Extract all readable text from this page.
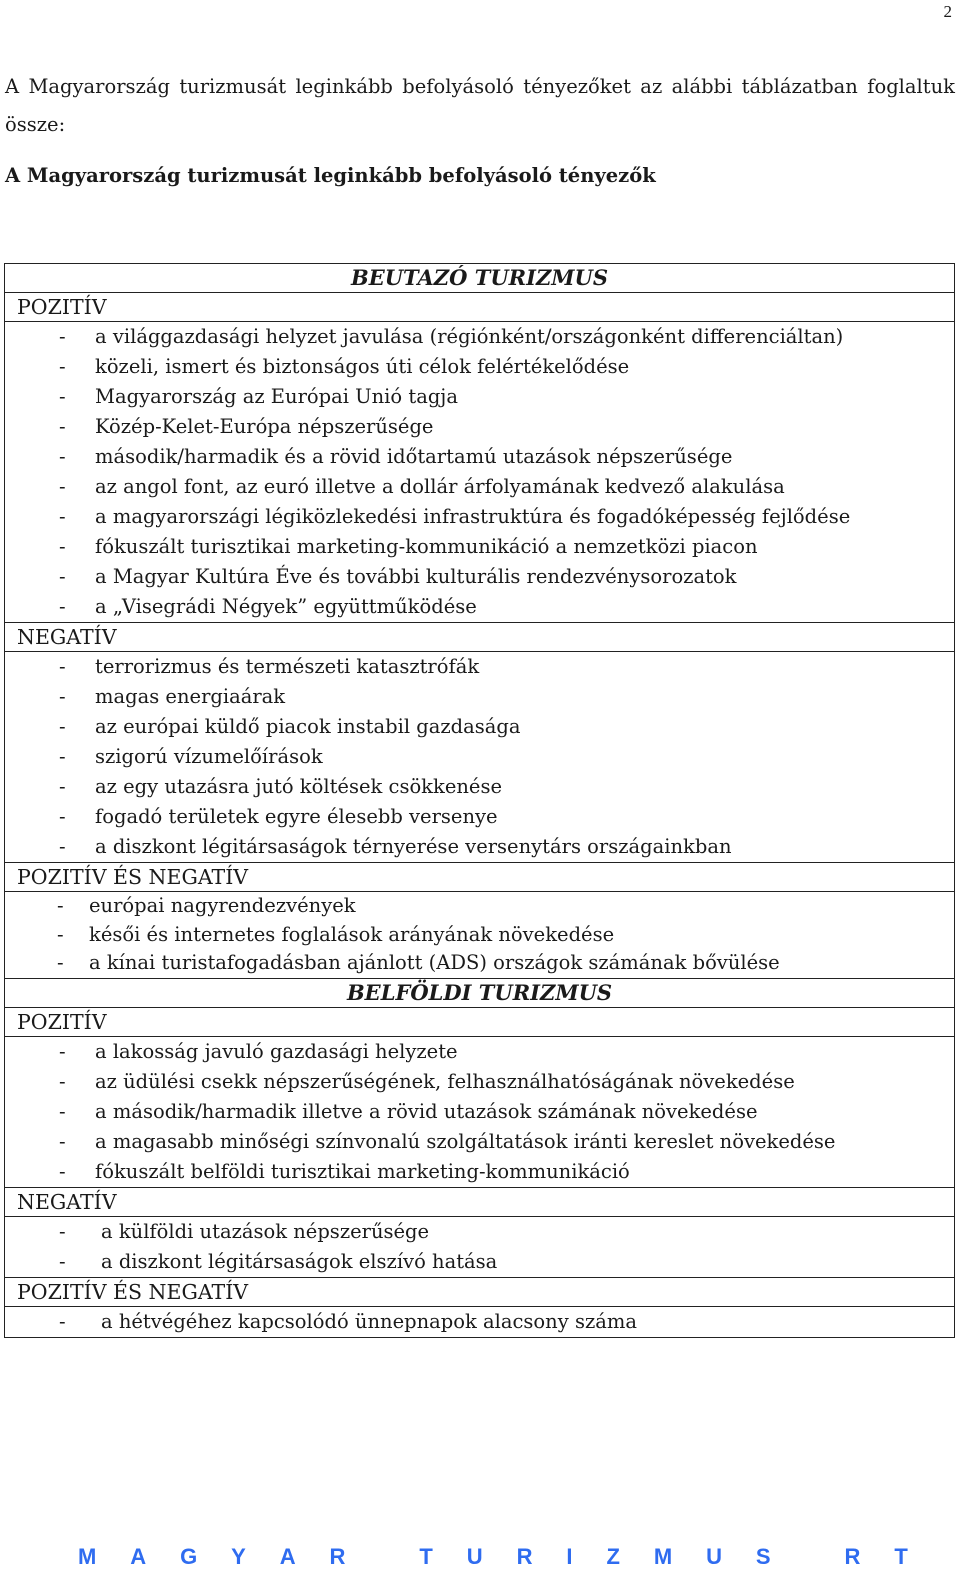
2

A Magyarország turizmusát leginkább befolyásoló tényezőket az alábbi táblázatban foglaltuk össze:

A Magyarország turizmusát leginkább befolyásoló tényezők
BEUTAZÓ TURIZMUS
POZITÍV

-	a világgazdasági helyzet javulása (régiónként/országonként differenciáltan)
-	közeli, ismert és biztonságos úti célok felértékelődése
-	Magyarország az Európai Unió tagja
-	Közép-Kelet-Európa népszerűsége
-	második/harmadik és a rövid időtartamú utazások népszerűsége
-	az angol font, az euró illetve a dollár árfolyamának kedvező alakulása
-	a magyarországi légiközlekedési infrastruktúra és fogadóképesség fejlődése
-	fókuszált turisztikai marketing-kommunikáció a nemzetközi piacon
-	a Magyar Kultúra Éve és további kulturális rendezvénysorozatok
-	a „Visegrádi Négyek” együttműködése

NEGATÍV

-	terrorizmus és természeti katasztrófák
-	magas energiaárak
-	az európai küldő piacok instabil gazdasága
-	szigorú vízumelőírások
-	az egy utazásra jutó költések csökkenése
-	fogadó területek egyre élesebb versenye
-	a diszkont légitársaságok térnyerése versenytárs országainkban

POZITÍV ÉS NEGATÍV

-	európai nagyrendezvények
-	késői és internetes foglalások arányának növekedése
-	a kínai turistafogadásban ajánlott (ADS) országok számának bővülése

BELFÖLDI TURIZMUS
POZITÍV

-	a lakosság javuló gazdasági helyzete
-	az üdülési csekk népszerűségének, felhasználhatóságának növekedése
-	a második/harmadik illetve a rövid utazások számának növekedése
-	a magasabb minőségi színvonalú szolgáltatások iránti kereslet növekedése
-	fókuszált belföldi turisztikai marketing-kommunikáció

NEGATÍV

-	a külföldi utazások népszerűsége
-	a diszkont légitársaságok elszívó hatása

POZITÍV ÉS NEGATÍV

-	a hétvégéhez kapcsolódó ünnepnapok alacsony száma
M A G Y A R
	T U R I Z M U S
	R T
